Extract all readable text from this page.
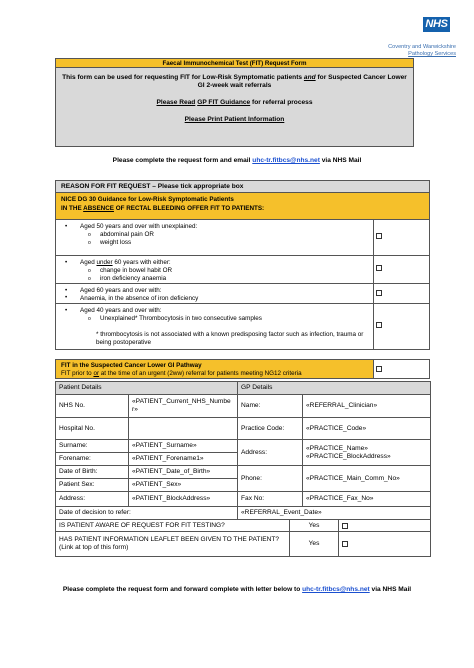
NHS
Coventry and Warwickshire
Pathology Services
Faecal Immunochemical Test (FIT) Request Form
This form can be used for requesting FIT for Low-Risk Symptomatic patients and for Suspected Cancer Lower GI 2-week wait referrals
Please Read GP FIT Guidance for referral process
Please Print Patient Information
Please complete the request form and email uhc-tr.fitbcs@nhs.net via NHS Mail
REASON FOR FIT REQUEST – Please tick appropriate box
NICE DG 30 Guidance for Low-Risk Symptomatic Patients
IN THE ABSENCE OF RECTAL BLEEDING OFFER FIT TO PATIENTS:
• Aged 50 years and over with unexplained:
o abdominal pain OR
o weight loss
• Aged under 60 years with either:
o change in bowel habit OR
o iron deficiency anaemia
•
•
Aged 60 years and over with:
Anaemia, in the absence of iron deficiency
• Aged 40 years and over with:
o Unexplained* Thrombocytosis in two consecutive samples
* thrombocytosis is not associated with a known predisposing factor such as infection, trauma or being postoperative
FIT in the Suspected Cancer Lower GI Pathway
FIT prior to or at the time of an urgent (2ww) referral for patients meeting NG12 criteria
Patient Details		GP Details			
NHS No.	«PATIENT_Current_NHS_Number»	Name:		«REFERRAL_Clinician»	
Hospital No.		Practice Code:		«PRACTICE_Code»	
Surname:	«PATIENT_Surname»	Address:		«PRACTICE_Name»
«PRACTICE_BlockAddress»	

Forename:	«PATIENT_Forename1»				
Date of Birth:	«PATIENT_Date_of_Birth»	Phone:		«PRACTICE_Main_Comm_No»	
Patient Sex:	«PATIENT_Sex»				
Address:	«PATIENT_BlockAddress»	Fax No:		«PRACTICE_Fax_No»	
Date of decision to refer:		«REFERRAL_Event_Date»			
IS PATIENT AWARE OF REQUEST FOR FIT TESTING?			Yes		

HAS PATIENT INFORMATION LEAFLET BEEN GIVEN TO THE PATIENT?
(Link at top of this form)			Yes		
Please complete the request form and forward complete with letter below to uhc-tr.fitbcs@nhs.net via NHS Mail
